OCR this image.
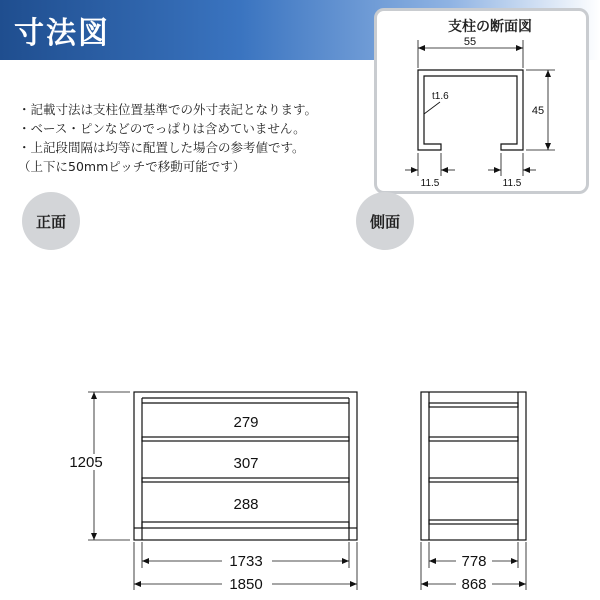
寸法図
・記載寸法は支柱位置基準での外寸表記となります。
・ベース・ピンなどのでっぱりは含めていません。
・上記段間隔は均等に配置した場合の参考値です。
（上下に50mmピッチで移動可能です）
支柱の断面図
正面	側面
55
45
t1.6
11.5	11.5
279
307
288
1205
1733
1850
778
868
